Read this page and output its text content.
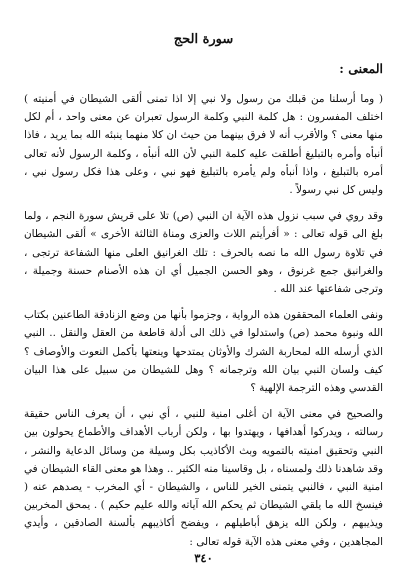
سورة الحج
المعنى :

( وما أرسلنا من قبلك من رسول ولا نبي إلا اذا تمنى ألقى الشيطان في أمنيته ) اختلف المفسرون : هل كلمة النبي وكلمة الرسول تعبران عن معنى واحد ، أم لكل منها معنى ؟ والأقرب أنه لا فرق بينهما من حيث ان كلا منهما ينبئه الله بما يريد ، فاذا أنبأه وأمره بالتبليغ أطلقت عليه كلمة النبي لأن الله أنبأه ، وكلمة الرسول لأنه تعالى أمره بالتبليغ ، واذا أنبأه ولم يأمره بالتبليغ فهو نبي ، وعلى هذا فكل رسول نبي ، وليس كل نبي رسولاً .

وقد روي في سبب نزول هذه الآية ان النبي (ص) تلا على قريش سورة النجم ، ولما بلغ الى قوله تعالى : « أفرأيتم اللات والعزى ومناة الثالثة الأخرى » ألقى الشيطان في تلاوة رسول الله ما نصه بالحرف : تلك الغرانيق العلى منها الشفاعة ترتجى ، والغرانيق جمع غرنوق ، وهو الحسن الجميل أي ان هذه الأصنام حسنة وجميلة ، وترجى شفاعتها عند الله .

ونفى العلماء المحققون هذه الرواية ، وجزموا بأنها من وضع الزنادقة الطاعنين بكتاب الله ونبوة محمد (ص) واستدلوا في ذلك الى أدلة قاطعة من العقل والنقل .. النبي الذي أرسله الله لمحاربة الشرك والأوثان يمتدحها وينعتها بأكمل النعوت والأوصاف ؟ كيف ولسان النبي بيان الله وترجمانه ؟ وهل للشيطان من سبيل على هذا البيان القدسي وهذه الترجمة الإلهية ؟

والصحيح في معنى الآية ان أغلى امنية للنبي ، أي نبي ، أن يعرف الناس حقيقة رسالته ، ويدركوا أهدافها ، ويهتدوا بها ، ولكن أرباب الأهداف والأطماع يحولون بين النبي وتحقيق امنيته بالتمويه وبث الأكاذيب بكل وسيلة من وسائل الدعاية والنشر ، وقد شاهدنا ذلك ولمسناه ، بل وقاسينا منه الكثير .. وهذا هو معنى القاء الشيطان في امنية النبي ، فالنبي يتمنى الخير للناس ، والشيطان - أي المخرب - يصدهم عنه ( فينسخ الله ما يلقي الشيطان ثم يحكم الله آياته والله عليم حكيم ) . يمحق المخربين ويذيبهم ، ولكن الله يزهق أباطيلهم ، ويفضح أكاذيبهم بألسنة الصادقين ، وأيدي المجاهدين ، وفي معنى هذه الآية قوله تعالى :

٣٤٠
